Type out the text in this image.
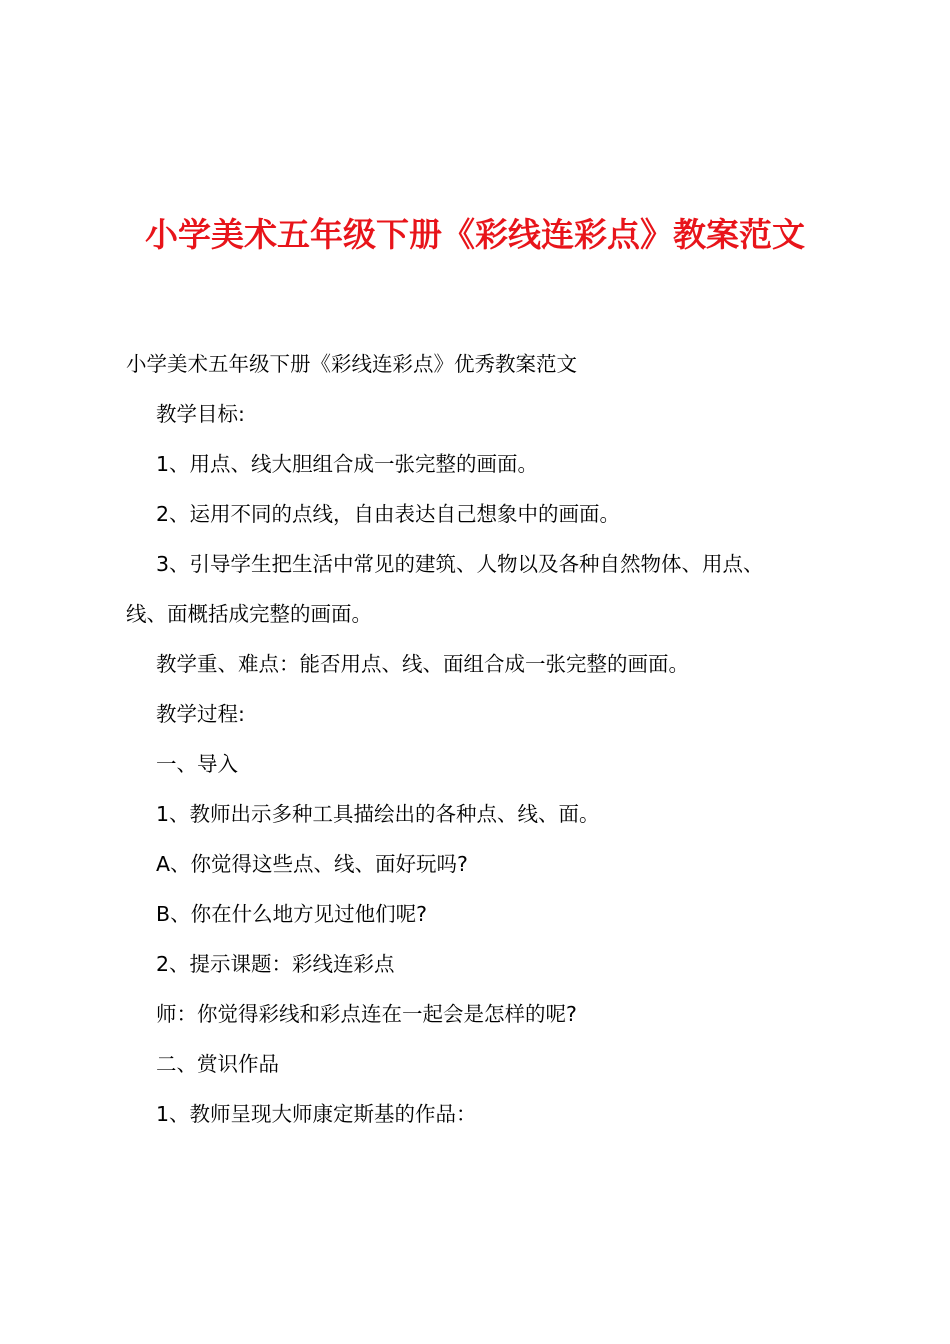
小学美术五年级下册《彩线连彩点》教案范文

小学美术五年级下册《彩线连彩点》优秀教案范文

教学目标:

1、用点、线大胆组合成一张完整的画面。

2、运用不同的点线，自由表达自己想象中的画面。

3、引导学生把生活中常见的建筑、人物以及各种自然物体、用点、

线、面概括成完整的画面。

教学重、难点：能否用点、线、面组合成一张完整的画面。

教学过程:

一、导入

1、教师出示多种工具描绘出的各种点、线、面。

A、你觉得这些点、线、面好玩吗?

B、你在什么地方见过他们呢?

2、提示课题：彩线连彩点

师：你觉得彩线和彩点连在一起会是怎样的呢?

二、赏识作品

1、教师呈现大师康定斯基的作品：
